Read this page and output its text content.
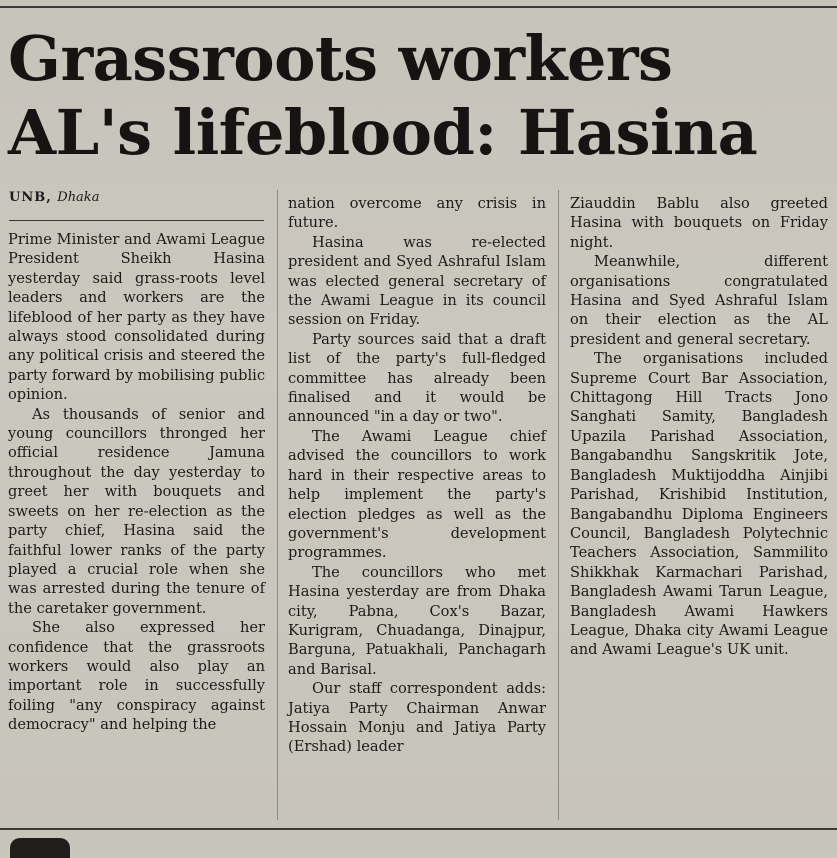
Grassroots workers AL's lifeblood: Hasina
UNB, Dhaka

Prime Minister and Awami League President Sheikh Hasina yesterday said grass-roots level leaders and workers are the lifeblood of her party as they have always stood consolidated during any political crisis and steered the party forward by mobilising public opinion.

As thousands of senior and young councillors thronged her official residence Jamuna throughout the day yesterday to greet her with bouquets and sweets on her re-election as the party chief, Hasina said the faithful lower ranks of the party played a crucial role when she was arrested during the tenure of the caretaker government.

She also expressed her confidence that the grassroots workers would also play an important role in successfully foiling "any conspiracy against democracy" and helping the

nation overcome any crisis in future.

Hasina was re-elected president and Syed Ashraful Islam was elected general secretary of the Awami League in its council session on Friday.

Party sources said that a draft list of the party's full-fledged committee has already been finalised and it would be announced "in a day or two".

The Awami League chief advised the councillors to work hard in their respective areas to help implement the party's election pledges as well as the government's development programmes.

The councillors who met Hasina yesterday are from Dhaka city, Pabna, Cox's Bazar, Kurigram, Chuadanga, Dinajpur, Barguna, Patuakhali, Panchagarh and Barisal.

Our staff correspondent adds: Jatiya Party Chairman Anwar Hossain Monju and Jatiya Party (Ershad) leader

Ziauddin Bablu also greeted Hasina with bouquets on Friday night.

Meanwhile, different organisations congratulated Hasina and Syed Ashraful Islam on their election as the AL president and general secretary.

The organisations included Supreme Court Bar Association, Chittagong Hill Tracts Jono Sanghati Samity, Bangladesh Upazila Parishad Association, Bangabandhu Sangskritik Jote, Bangladesh Muktijoddha Ainjibi Parishad, Krishibid Institution, Bangabandhu Diploma Engineers Council, Bangladesh Polytechnic Teachers Association, Sammilito Shikkhak Karmachari Parishad, Bangladesh Awami Tarun League, Bangladesh Awami Hawkers League, Dhaka city Awami League and Awami League's UK unit.
